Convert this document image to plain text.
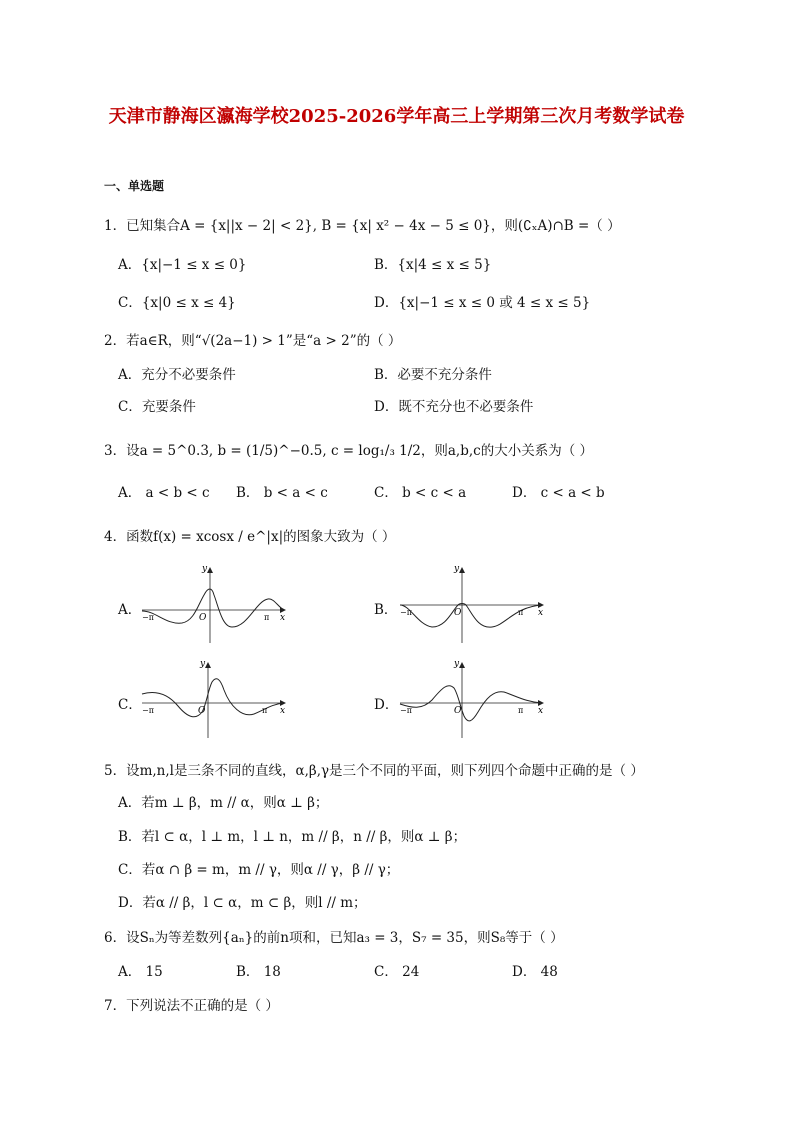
天津市静海区瀛海学校2025-2026学年高三上学期第三次月考数学试卷
一、单选题
1．已知集合A = {x||x − 2| < 2}, B = {x| x² − 4x − 5 ≤ 0}，则(∁ₓA)∩B =（ ）
A．{x|−1 ≤ x ≤ 0}	B．{x|4 ≤ x ≤ 5}
C．{x|0 ≤ x ≤ 4}	D．{x|−1 ≤ x ≤ 0 或 4 ≤ x ≤ 5}
2．若a∈R，则“√(2a−1) > 1”是“a > 2”的（ ）
A．充分不必要条件	B．必要不充分条件
C．充要条件	D．既不充分也不必要条件
3．设a = 5^0.3, b = (1/5)^−0.5, c = log₁/₃ 1/2，则a,b,c的大小关系为（ ）
A． a < b < c B． b < a < c	C． b < c < a	D． c < a < b
4．函数f(x) = xcosx / e^|x|的图象大致为（ ）
A．	B．
C．	D．
y
x
O
−π	π
y
x
O
−π	π
y
x
O
−π	π
y
x
O
−π	π
5．设m,n,l是三条不同的直线，α,β,γ是三个不同的平面，则下列四个命题中正确的是（ ）
A．若m ⊥ β，m // α，则α ⊥ β；
B．若l ⊂ α，l ⊥ m，l ⊥ n，m // β，n // β，则α ⊥ β；
C．若α ∩ β = m，m // γ，则α // γ，β // γ；
D．若α // β，l ⊂ α，m ⊂ β，则l // m；
6．设Sₙ为等差数列{aₙ}的前n项和，已知a₃ = 3，S₇ = 35，则S₈等于（ ）
A． 15	B． 18	C． 24	D． 48
7．下列说法不正确的是（ ）
